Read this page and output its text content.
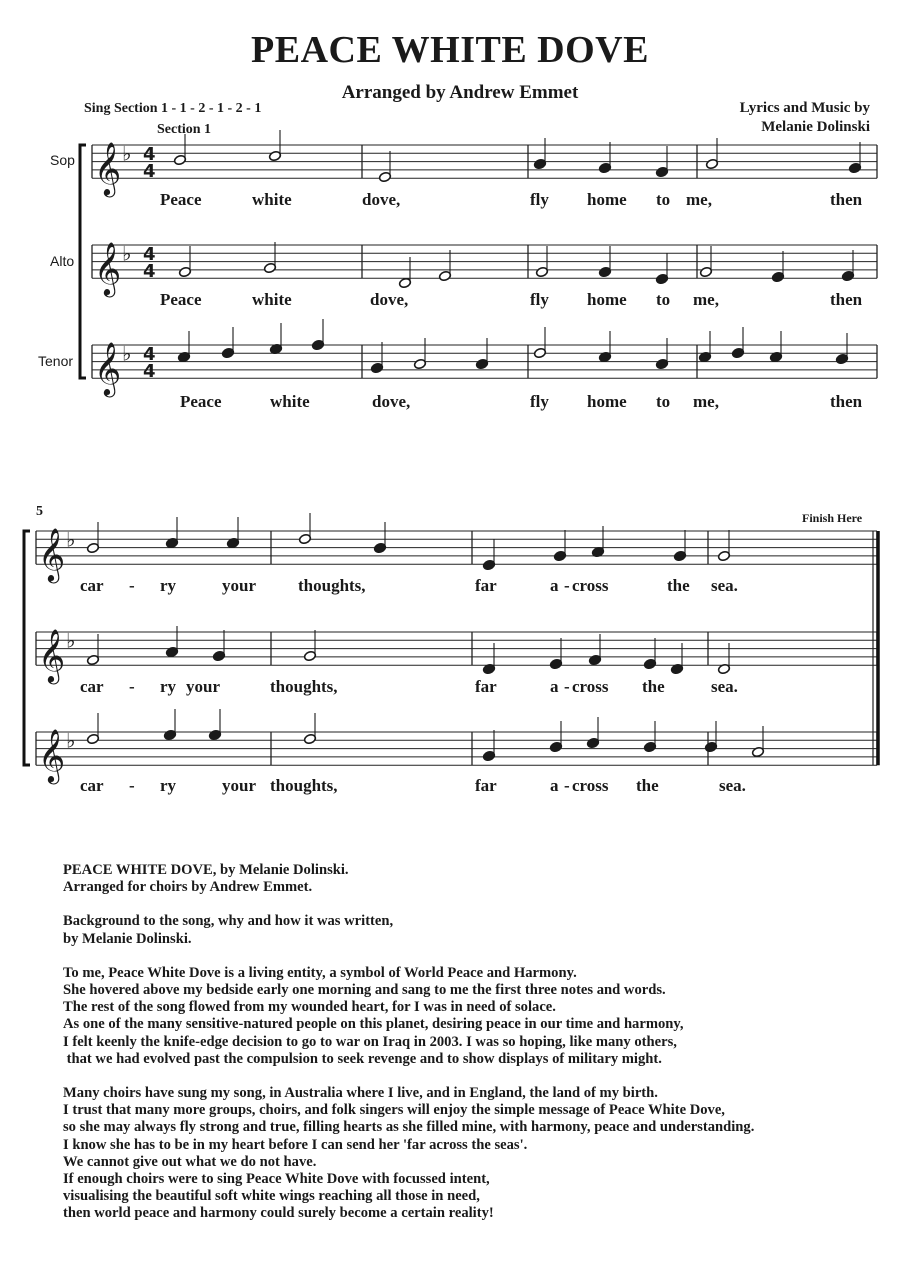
PEACE WHITE DOVE
Arranged by Andrew Emmet
Sing Section 1 - 1 - 2 - 1 - 2 - 1	Lyrics and Music by
Melanie Dolinski
Section 1
Finish Here
5
Sop
Alto
Tenor
𝄞 ♭
𝄞 ♭
𝄞 ♭
𝄞 ♭
𝄞 ♭
𝄞 ♭
4
4
4
4
4
4
Peace	white	dove,	fly home to me,	then
Peace	white	dove,	fly home to me,	then
Peace	white	dove,	fly home to me,	then
car - ry	your thoughts,	far	a - cross	the sea.
car - ry your	thoughts,	far	a - cross the	sea.
car - ry	your thoughts,	far	a - cross the	sea.

PEACE WHITE DOVE, by Melanie Dolinski.
Arranged for choirs by Andrew Emmet.

Background to the song, why and how it was written,
by Melanie Dolinski.

To me, Peace White Dove is a living entity, a symbol of World Peace and Harmony.
She hovered above my bedside early one morning and sang to me the first three notes and words.
The rest of the song flowed from my wounded heart, for I was in need of solace.
As one of the many sensitive-natured people on this planet, desiring peace in our time and harmony,
I felt keenly the knife-edge decision to go to war on Iraq in 2003. I was so hoping, like many others,
that we had evolved past the compulsion to seek revenge and to show displays of military might.

Many choirs have sung my song, in Australia where I live, and in England, the land of my birth.
I trust that many more groups, choirs, and folk singers will enjoy the simple message of Peace White Dove,
so she may always fly strong and true, filling hearts as she filled mine, with harmony, peace and understanding.
I know she has to be in my heart before I can send her 'far across the seas'.
We cannot give out what we do not have.
If enough choirs were to sing Peace White Dove with focussed intent,
visualising the beautiful soft white wings reaching all those in need,
then world peace and harmony could surely become a certain reality!
